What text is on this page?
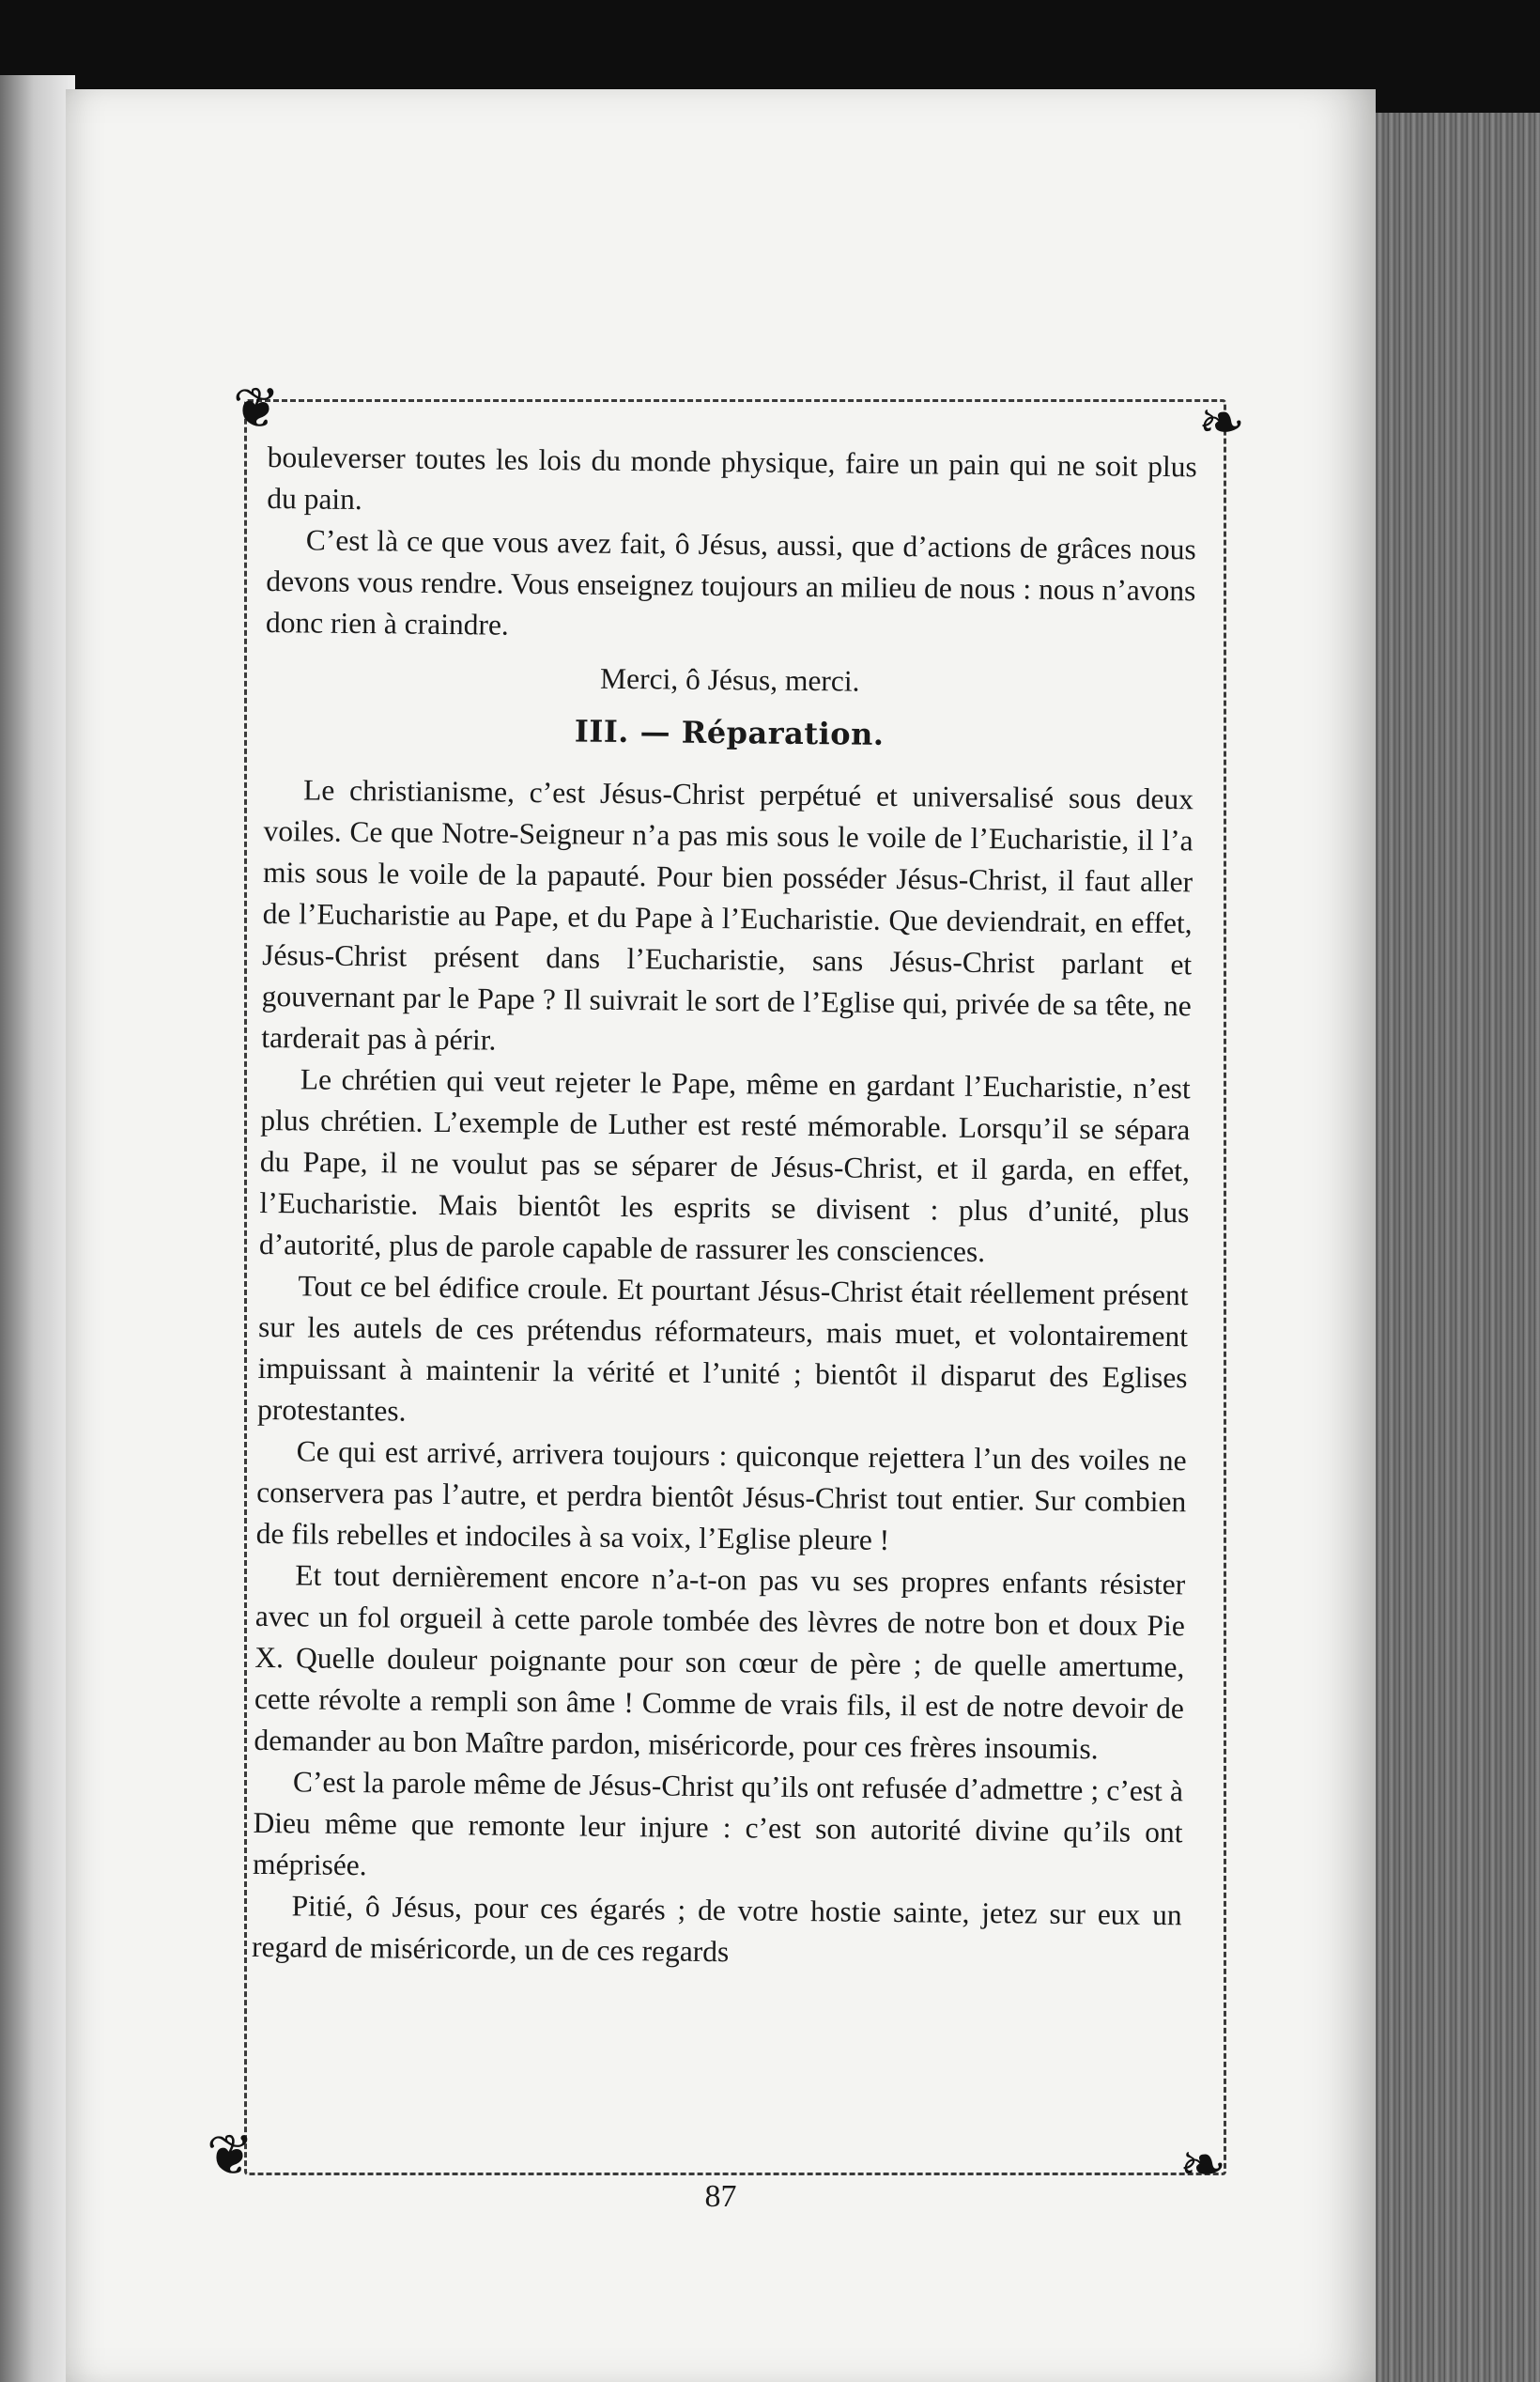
❦	❧
❦	❧

bouleverser toutes les lois du monde physique, faire un pain qui ne soit plus du pain.

C’est là ce que vous avez fait, ô Jésus, aussi, que d’actions de grâces nous devons vous rendre. Vous enseignez toujours an milieu de nous : nous n’avons donc rien à craindre.

Merci, ô Jésus, merci.

III. — Réparation.

Le christianisme, c’est Jésus-Christ perpétué et universalisé sous deux voiles. Ce que Notre-Seigneur n’a pas mis sous le voile de l’Eucharistie, il l’a mis sous le voile de la papauté. Pour bien posséder Jésus-Christ, il faut aller de l’Eucharistie au Pape, et du Pape à l’Eucharistie. Que deviendrait, en effet, Jésus-Christ présent dans l’Eucharistie, sans Jésus-Christ parlant et gouvernant par le Pape ? Il suivrait le sort de l’Eglise qui, privée de sa tête, ne tarderait pas à périr.

Le chrétien qui veut rejeter le Pape, même en gardant l’Eucharistie, n’est plus chrétien. L’exemple de Luther est resté mémorable. Lorsqu’il se sépara du Pape, il ne voulut pas se séparer de Jésus-Christ, et il garda, en effet, l’Eucharistie. Mais bientôt les esprits se divisent : plus d’unité, plus d’autorité, plus de parole capable de rassurer les consciences.

Tout ce bel édifice croule. Et pourtant Jésus-Christ était réellement présent sur les autels de ces prétendus réformateurs, mais muet, et volontairement impuissant à maintenir la vérité et l’unité ; bientôt il disparut des Eglises protestantes.

Ce qui est arrivé, arrivera toujours : quiconque rejettera l’un des voiles ne conservera pas l’autre, et perdra bientôt Jésus-Christ tout entier. Sur combien de fils rebelles et indociles à sa voix, l’Eglise pleure !

Et tout dernièrement encore n’a-t-on pas vu ses propres enfants résister avec un fol orgueil à cette parole tombée des lèvres de notre bon et doux Pie X. Quelle douleur poignante pour son cœur de père ; de quelle amertume, cette révolte a rempli son âme ! Comme de vrais fils, il est de notre devoir de demander au bon Maître pardon, miséricorde, pour ces frères insoumis.

C’est la parole même de Jésus-Christ qu’ils ont refusée d’admettre ; c’est à Dieu même que remonte leur injure : c’est son autorité divine qu’ils ont méprisée.

Pitié, ô Jésus, pour ces égarés ; de votre hostie sainte, jetez sur eux un regard de miséricorde, un de ces regards

87
